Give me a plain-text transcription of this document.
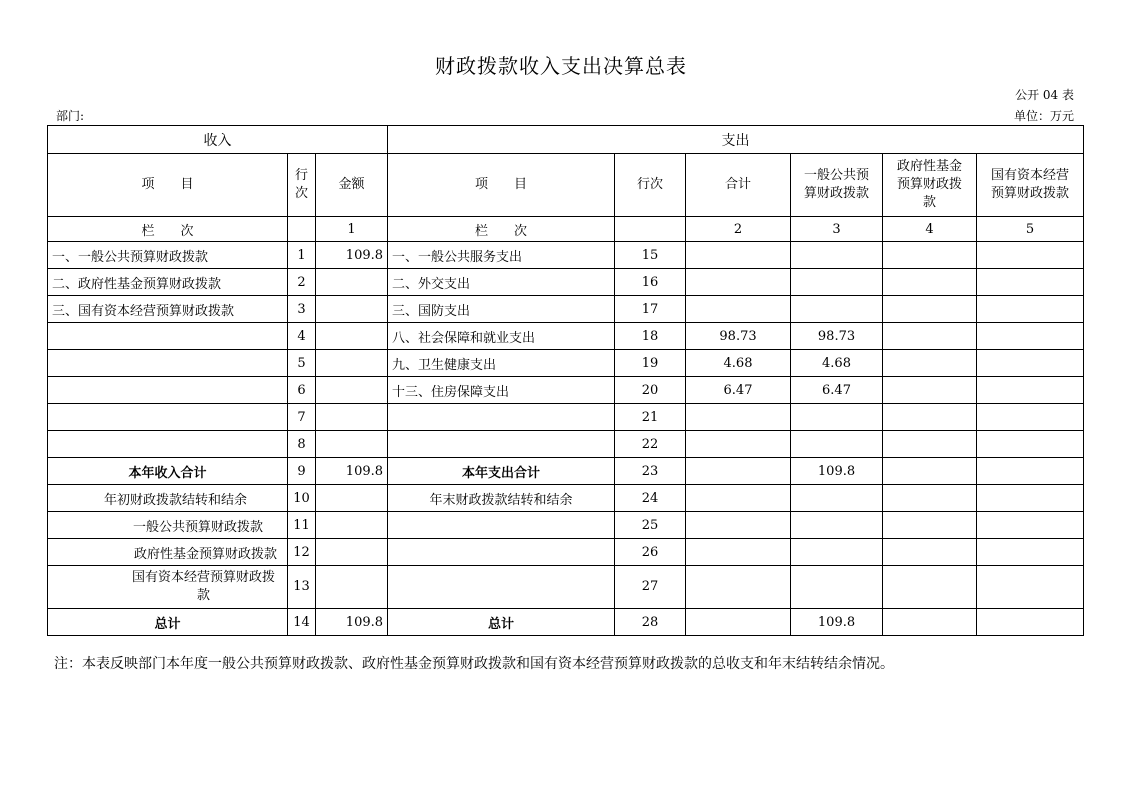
财政拨款收入支出决算总表
公开 04 表
部门:	单位：万元
收入			支出					
项　　目	行次	金额	项　　目	行次	合计	一般公共预算财政拨款	政府性基金预算财政拨款	国有资本经营预算财政拨款
栏　　次		1	栏　　次		2	3	4	5
一、一般公共预算财政拨款	1	109.8	一、一般公共服务支出	15				
二、政府性基金预算财政拨款	2		二、外交支出	16				
三、国有资本经营预算财政拨款	3		三、国防支出	17				
	4		八、社会保障和就业支出	18	98.73	98.73		
	5		九、卫生健康支出	19	4.68	4.68		
	6		十三、住房保障支出	20	6.47	6.47		
	7			21				
	8			22				
本年收入合计	9	109.8	本年支出合计	23		109.8		
年初财政拨款结转和结余	10		年末财政拨款结转和结余	24				
一般公共预算财政拨款	11			25				
政府性基金预算财政拨款	12			26				
国有资本经营预算财政拨款	13			27				
总计	14	109.8	总计	28		109.8		
注：本表反映部门本年度一般公共预算财政拨款、政府性基金预算财政拨款和国有资本经营预算财政拨款的总收支和年末结转结余情况。
